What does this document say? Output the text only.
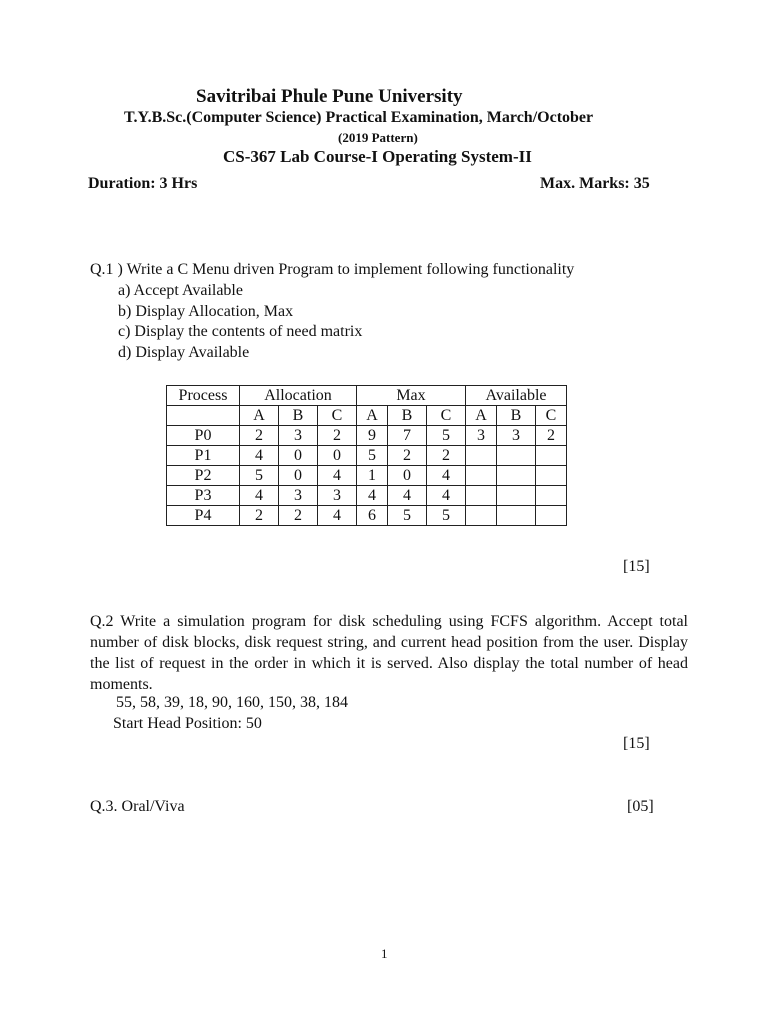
Savitribai Phule Pune University
T.Y.B.Sc.(Computer Science) Practical Examination, March/October
(2019 Pattern)
CS-367 Lab Course-I Operating System-II
Duration: 3 Hrs	Max. Marks: 35
Q.1 ) Write a C Menu driven Program to implement following functionality
a) Accept Available
b) Display Allocation, Max
c) Display the contents of need matrix
d) Display Available
Process	Allocation			Max			Available		
	A	B	C	A	B	C	A	B	C
P0	2	3	2	9	7	5	3	3	2
P1	4	0	0	5	2	2			
P2	5	0	4	1	0	4			
P3	4	3	3	4	4	4			
P4	2	2	4	6	5	5			
[15]
Q.2 Write a simulation program for disk scheduling using FCFS algorithm. Accept total number of disk blocks, disk request string, and current head position from the user. Display the list of request in the order in which it is served. Also display the total number of head moments.
55, 58, 39, 18, 90, 160, 150, 38, 184
Start Head Position: 50
[15]
Q.3. Oral/Viva	[05]
1
